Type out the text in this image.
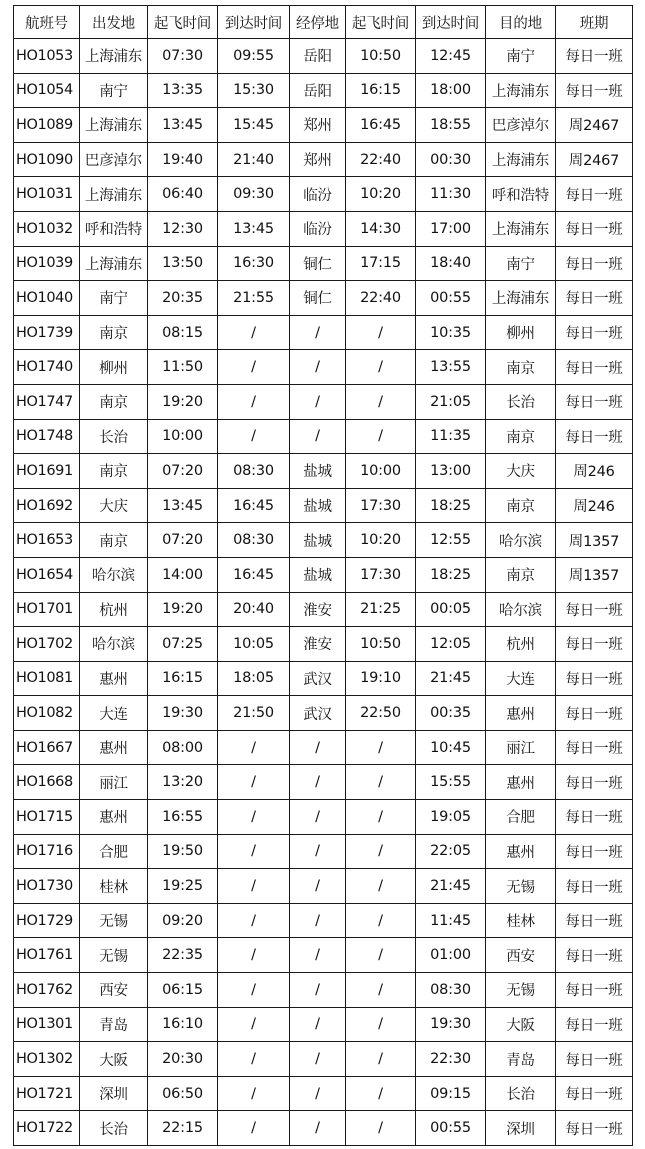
航班号	出发地	起飞时间	到达时间	经停地	起飞时间	到达时间	目的地	班期
HO1053	上海浦东	07:30	09:55	岳阳	10:50	12:45	南宁	每日一班
HO1054	南宁	13:35	15:30	岳阳	16:15	18:00	上海浦东	每日一班
HO1089	上海浦东	13:45	15:45	郑州	16:45	18:55	巴彦淖尔	周2467
HO1090	巴彦淖尔	19:40	21:40	郑州	22:40	00:30	上海浦东	周2467
HO1031	上海浦东	06:40	09:30	临汾	10:20	11:30	呼和浩特	每日一班
HO1032	呼和浩特	12:30	13:45	临汾	14:30	17:00	上海浦东	每日一班
HO1039	上海浦东	13:50	16:30	铜仁	17:15	18:40	南宁	每日一班
HO1040	南宁	20:35	21:55	铜仁	22:40	00:55	上海浦东	每日一班
HO1739	南京	08:15	/	/	/	10:35	柳州	每日一班
HO1740	柳州	11:50	/	/	/	13:55	南京	每日一班
HO1747	南京	19:20	/	/	/	21:05	长治	每日一班
HO1748	长治	10:00	/	/	/	11:35	南京	每日一班
HO1691	南京	07:20	08:30	盐城	10:00	13:00	大庆	周246
HO1692	大庆	13:45	16:45	盐城	17:30	18:25	南京	周246
HO1653	南京	07:20	08:30	盐城	10:20	12:55	哈尔滨	周1357
HO1654	哈尔滨	14:00	16:45	盐城	17:30	18:25	南京	周1357
HO1701	杭州	19:20	20:40	淮安	21:25	00:05	哈尔滨	每日一班
HO1702	哈尔滨	07:25	10:05	淮安	10:50	12:05	杭州	每日一班
HO1081	惠州	16:15	18:05	武汉	19:10	21:45	大连	每日一班
HO1082	大连	19:30	21:50	武汉	22:50	00:35	惠州	每日一班
HO1667	惠州	08:00	/	/	/	10:45	丽江	每日一班
HO1668	丽江	13:20	/	/	/	15:55	惠州	每日一班
HO1715	惠州	16:55	/	/	/	19:05	合肥	每日一班
HO1716	合肥	19:50	/	/	/	22:05	惠州	每日一班
HO1730	桂林	19:25	/	/	/	21:45	无锡	每日一班
HO1729	无锡	09:20	/	/	/	11:45	桂林	每日一班
HO1761	无锡	22:35	/	/	/	01:00	西安	每日一班
HO1762	西安	06:15	/	/	/	08:30	无锡	每日一班
HO1301	青岛	16:10	/	/	/	19:30	大阪	每日一班
HO1302	大阪	20:30	/	/	/	22:30	青岛	每日一班
HO1721	深圳	06:50	/	/	/	09:15	长治	每日一班
HO1722	长治	22:15	/	/	/	00:55	深圳	每日一班
